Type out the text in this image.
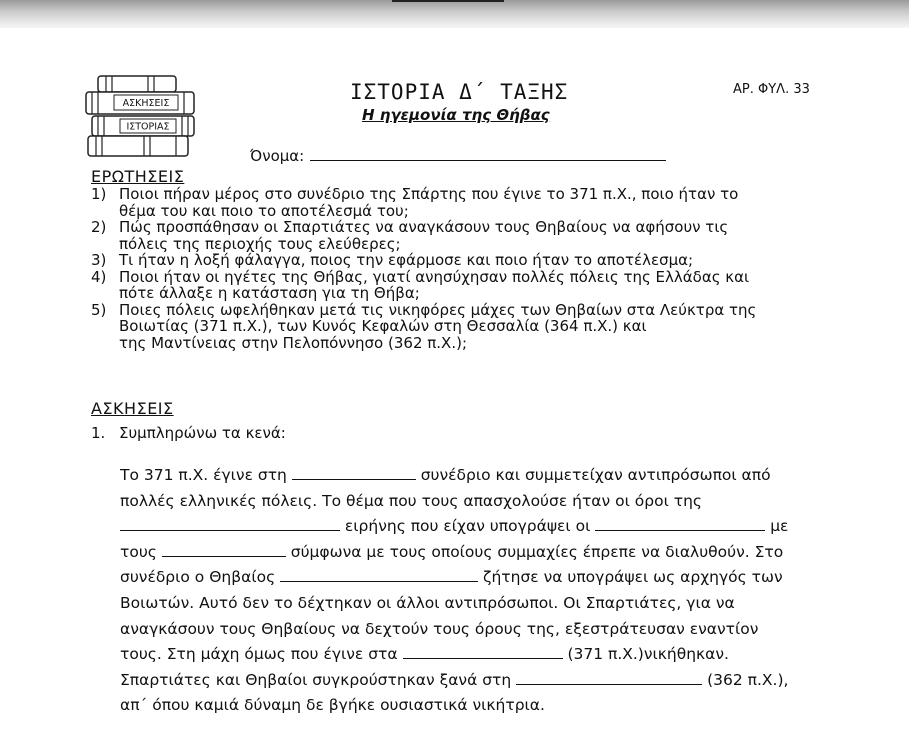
ΑΣΚΗΣΕΙΣ
ΙΣΤΟΡΙΑΣ
ΙΣΤΟΡΙΑ Δ΄ ΤΑΞΗΣ
Η ηγεμονία της Θήβας
ΑΡ. ΦΥΛ. 33
Όνομα:
ΕΡΩΤΗΣΕΙΣ
1) Ποιοι πήραν μέρος στο συνέδριο της Σπάρτης που έγινε το 371 π.Χ., ποιο ήταν το
θέμα του και ποιο το αποτέλεσμά του;
2) Πώς προσπάθησαν οι Σπαρτιάτες να αναγκάσουν τους Θηβαίους να αφήσουν τις
πόλεις της περιοχής τους ελεύθερες;
3) Τι ήταν η λοξή φάλαγγα, ποιος την εφάρμοσε και ποιο ήταν το αποτέλεσμα;
4) Ποιοι ήταν οι ηγέτες της Θήβας, γιατί ανησύχησαν πολλές πόλεις της Ελλάδας και
πότε άλλαξε η κατάσταση για τη Θήβα;
5) Ποιες πόλεις ωφελήθηκαν μετά τις νικηφόρες μάχες των Θηβαίων στα Λεύκτρα της
Βοιωτίας (371 π.Χ.), των Κυνός Κεφαλών στη Θεσσαλία (364 π.Χ.) και
της Μαντίνειας στην Πελοπόννησο (362 π.Χ.);
ΑΣΚΗΣΕΙΣ
1. Συμπληρώνω τα κενά:
Το 371 π.Χ. έγινε στη	συνέδριο και συμμετείχαν αντιπρόσωποι από
πολλές ελληνικές πόλεις. Το θέμα που τους απασχολούσε ήταν οι όροι της
ειρήνης που είχαν υπογράψει οι	με
τους	σύμφωνα με τους οποίους συμμαχίες έπρεπε να διαλυθούν. Στο
συνέδριο ο Θηβαίος	ζήτησε να υπογράψει ως αρχηγός των
Βοιωτών. Αυτό δεν το δέχτηκαν οι άλλοι αντιπρόσωποι. Οι Σπαρτιάτες, για να
αναγκάσουν τους Θηβαίους να δεχτούν τους όρους της, εξεστράτευσαν εναντίον
τους. Στη μάχη όμως που έγινε στα	(371 π.Χ.)νικήθηκαν.
Σπαρτιάτες και Θηβαίοι συγκρούστηκαν ξανά στη	(362 π.Χ.),
απ΄ όπου καμιά δύναμη δε βγήκε ουσιαστικά νικήτρια.
